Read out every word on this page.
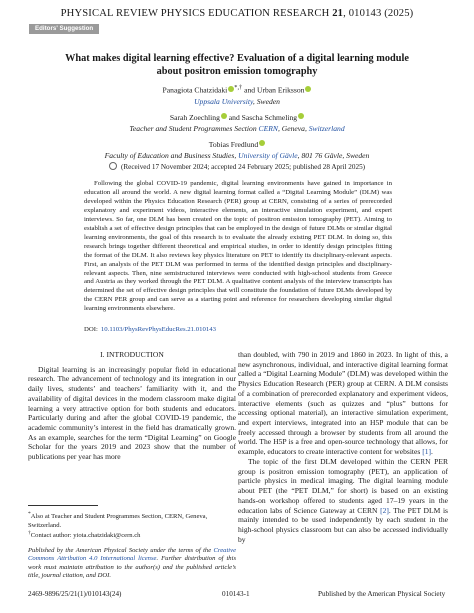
PHYSICAL REVIEW PHYSICS EDUCATION RESEARCH 21, 010143 (2025)
Editors' Suggestion
What makes digital learning effective? Evaluation of a digital learning module
about positron emission tomography
Panagiota Chatzidaki *,† and Urban Eriksson
Uppsala University, Sweden
Sarah Zoechling and Sascha Schmeling
Teacher and Student Programmes Section CERN, Geneva, Switzerland
Tobias Fredlund
Faculty of Education and Business Studies, University of Gävle, 801 76 Gävle, Sweden
(Received 17 November 2024; accepted 24 February 2025; published 28 April 2025)
Following the global COVID-19 pandemic, digital learning environments have gained in importance in education all around the world. A new digital learning format called a “Digital Learning Module” (DLM) was developed within the Physics Education Research (PER) group at CERN, consisting of a series of prerecorded explanatory and experiment videos, interactive elements, an interactive simulation experiment, and expert interviews. So far, one DLM has been created on the topic of positron emission tomography (PET). Aiming to establish a set of effective design principles that can be employed in the design of future DLMs or similar digital learning environments, the goal of this research is to evaluate the already existing PET DLM. In doing so, this research brings together different theoretical and empirical studies, in order to identify design principles fitting the format of the DLM. It also reviews key physics literature on PET to identify its disciplinary-relevant aspects. First, an analysis of the PET DLM was performed in terms of the identified design principles and disciplinary-relevant aspects. Then, nine semistructured interviews were conducted with high-school students from Greece and Austria as they worked through the PET DLM. A qualitative content analysis of the interview transcripts has determined the set of effective design principles that will constitute the foundation of future DLMs developed by the CERN PER group and can serve as a starting point and reference for researchers developing similar digital learning environments elsewhere.
DOI: 10.1103/PhysRevPhysEducRes.21.010143
I. INTRODUCTION

Digital learning is an increasingly popular field in educational research. The advancement of technology and its integration in our daily lives, students’ and teachers’ familiarity with it, and the availability of digital devices in the modern classroom make digital learning a very attractive option for both students and educators. Particularly during and after the global COVID-19 pandemic, the academic community’s interest in the field has dramatically grown. As an example, searches for the term “Digital Learning” on Google Scholar for the years 2019 and 2023 show that the number of publications per year has more

*Also at Teacher and Student Programmes Section, CERN, Geneva, Switzerland.
†Contact author: yiota.chatzidaki@cern.ch
Published by the American Physical Society under the terms of the Creative Commons Attribution 4.0 International license. Further distribution of this work must maintain attribution to the author(s) and the published article’s title, journal citation, and DOI.

than doubled, with 790 in 2019 and 1860 in 2023. In light of this, a new asynchronous, individual, and interactive digital learning format called a “Digital Learning Module” (DLM) was developed within the Physics Education Research (PER) group at CERN. A DLM consists of a combination of prerecorded explanatory and experiment videos, interactive elements (such as quizzes and “plus” buttons for accessing optional material), an interactive simulation experiment, and expert interviews, integrated into an H5P module that can be freely accessed through a browser by students from all around the world. The H5P is a free and open-source technology that allows, for example, educators to create interactive content for websites [1].

The topic of the first DLM developed within the CERN PER group is positron emission tomography (PET), an application of particle physics in medical imaging. The digital learning module about PET (the “PET DLM,” for short) is based on an existing hands-on workshop offered to students aged 17–19 years in the education labs of Science Gateway at CERN [2]. The PET DLM is mainly intended to be used independently by each student in the high-school physics classroom but can also be accessed individually by

2469-9896/25/21(1)/010143(24)	010143-1	Published by the American Physical Society
